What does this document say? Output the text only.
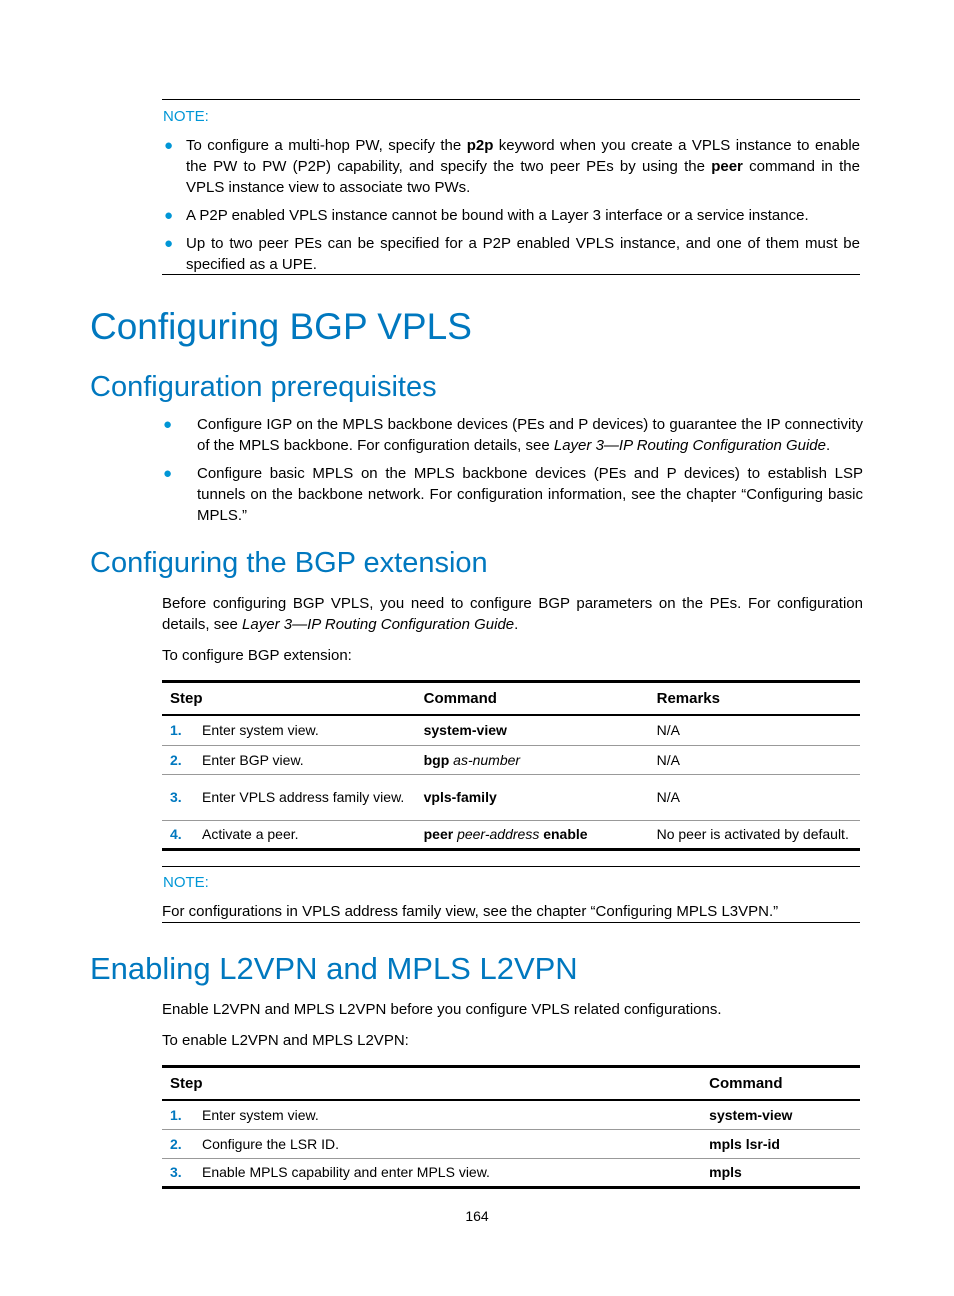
NOTE:
● To configure a multi-hop PW, specify the p2p keyword when you create a VPLS instance to enable the PW to PW (P2P) capability, and specify the two peer PEs by using the peer command in the VPLS instance view to associate two PWs.
● A P2P enabled VPLS instance cannot be bound with a Layer 3 interface or a service instance.
● Up to two peer PEs can be specified for a P2P enabled VPLS instance, and one of them must be specified as a UPE.
Configuring BGP VPLS
Configuration prerequisites
● Configure IGP on the MPLS backbone devices (PEs and P devices) to guarantee the IP connectivity of the MPLS backbone. For configuration details, see Layer 3—IP Routing Configuration Guide.
● Configure basic MPLS on the MPLS backbone devices (PEs and P devices) to establish LSP tunnels on the backbone network. For configuration information, see the chapter “Configuring basic MPLS.”
Configuring the BGP extension

Before configuring BGP VPLS, you need to configure BGP parameters on the PEs. For configuration details, see Layer 3—IP Routing Configuration Guide.

To configure BGP extension:

Step		Command	Remarks
1.	Enter system view.	system-view	N/A
2.	Enter BGP view.	bgp as-number	N/A
3.	Enter VPLS address family view.	vpls-family	N/A
4.	Activate a peer.	peer peer-address enable	No peer is activated by default.
NOTE:

For configurations in VPLS address family view, see the chapter “Configuring MPLS L3VPN.”

Enabling L2VPN and MPLS L2VPN

Enable L2VPN and MPLS L2VPN before you configure VPLS related configurations.

To enable L2VPN and MPLS L2VPN:

Step		Command
1.	Enter system view.	system-view
2.	Configure the LSR ID.	mpls lsr-id
3.	Enable MPLS capability and enter MPLS view.	mpls
164
